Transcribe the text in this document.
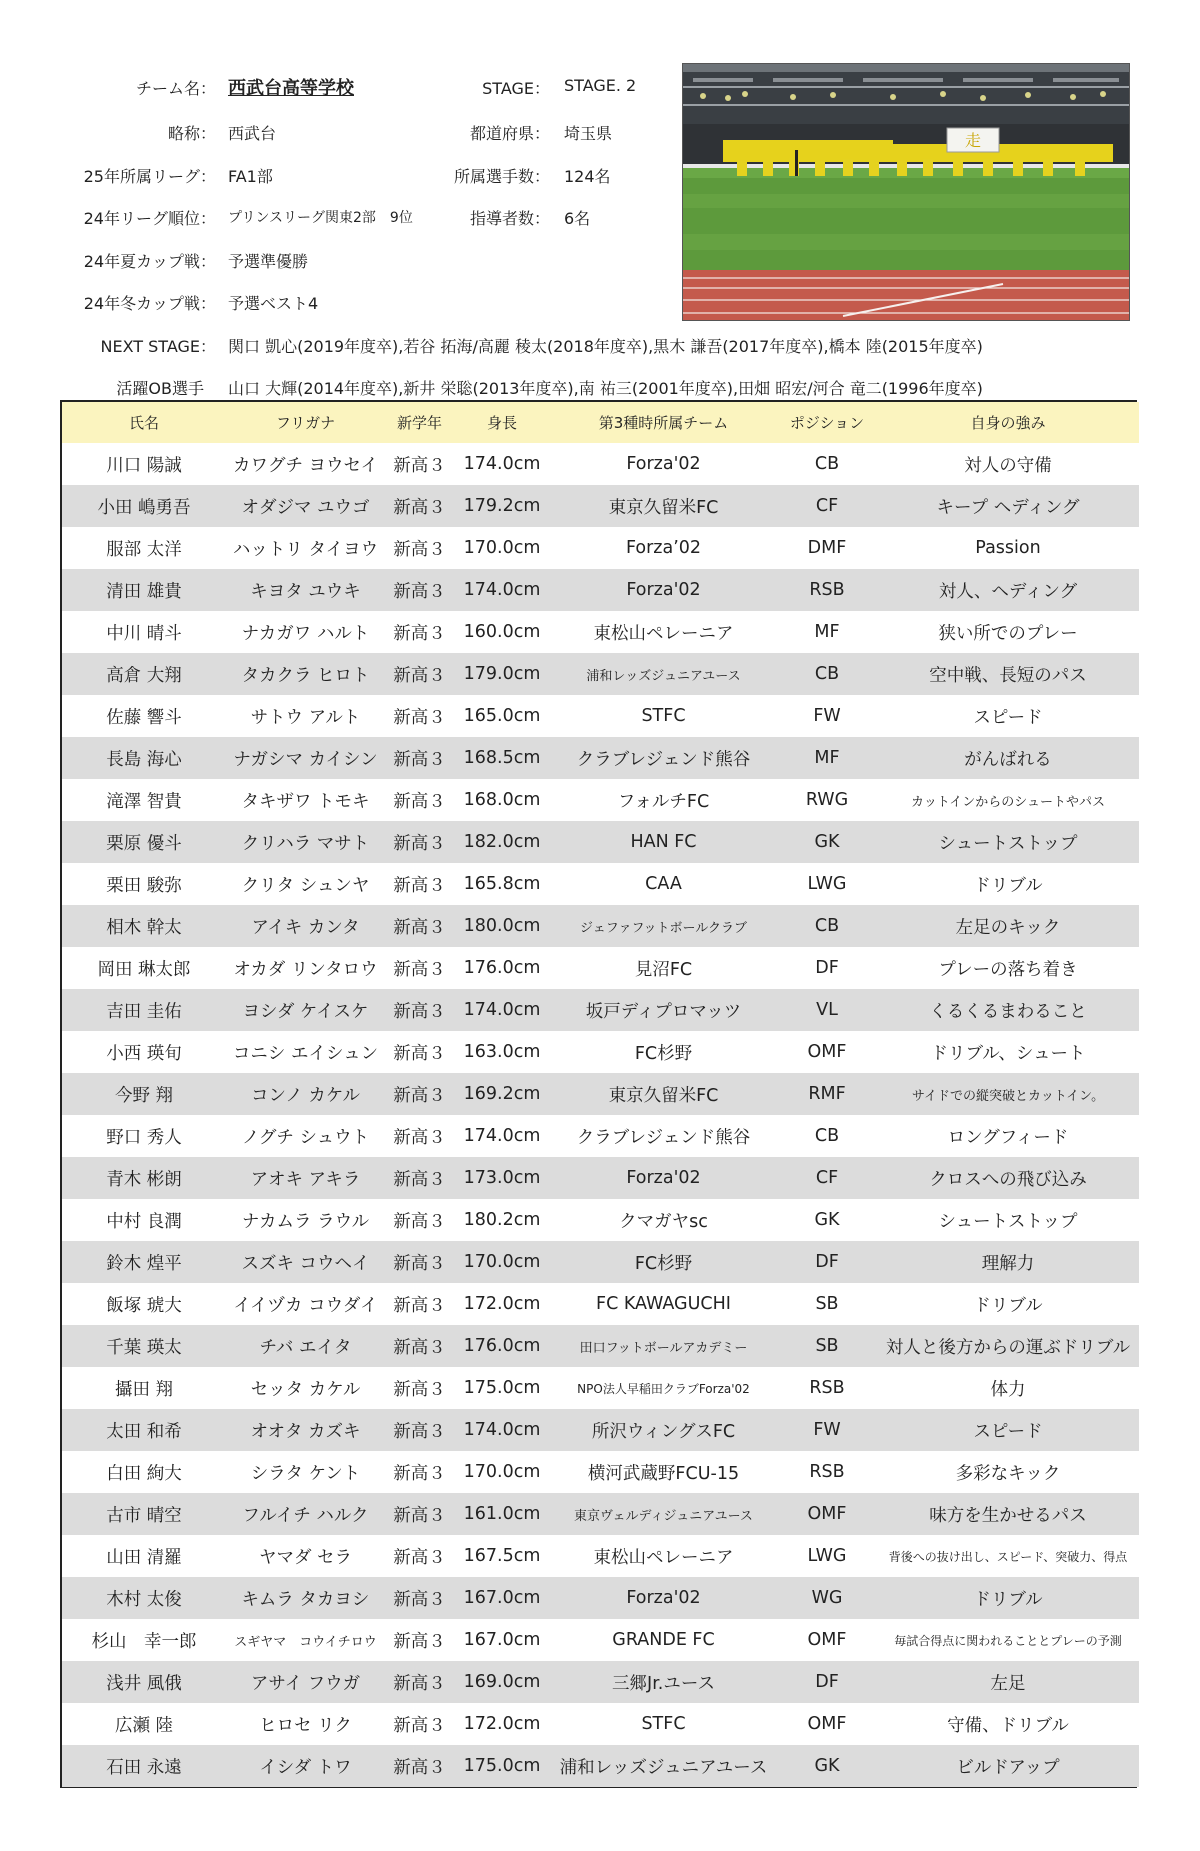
チーム名： 西武台高等学校	STAGE： STAGE. 2
略称： 西武台	都道府県： 埼玉県
25年所属リーグ： FA1部	所属選手数： 124名
24年リーグ順位： プリンスリーグ関東2部　9位	指導者数： 6名
24年夏カップ戦： 予選準優勝
24年冬カップ戦： 予選ベスト4
NEXT STAGE： 関口 凱心(2019年度卒),若谷 拓海/高麗 稜太(2018年度卒),黒木 謙吾(2017年度卒),橋本 陸(2015年度卒)
活躍OB選手 山口 大輝(2014年度卒),新井 栄聡(2013年度卒),南 祐三(2001年度卒),田畑 昭宏/河合 竜二(1996年度卒)
走
氏名	フリガナ	新学年	身長	第3種時所属チーム	ポジション	自身の強み
川口 陽誠	カワグチ ヨウセイ	新高３	174.0cm	Forza'02	CB	対人の守備
小田 嶋勇吾	オダジマ ユウゴ	新高３	179.2cm	東京久留米FC	CF	キープ ヘディング
服部 太洋	ハットリ タイヨウ	新高３	170.0cm	Forza’02	DMF	Passion
清田 雄貴	キヨタ ユウキ	新高３	174.0cm	Forza'02	RSB	対人、ヘディング
中川 晴斗	ナカガワ ハルト	新高３	160.0cm	東松山ペレーニア	MF	狭い所でのプレー
高倉 大翔	タカクラ ヒロト	新高３	179.0cm	浦和レッズジュニアユース	CB	空中戦、長短のパス
佐藤 響斗	サトウ アルト	新高３	165.0cm	STFC	FW	スピード
長島 海心	ナガシマ カイシン	新高３	168.5cm	クラブレジェンド熊谷	MF	がんばれる
滝澤 智貴	タキザワ トモキ	新高３	168.0cm	フォルチFC	RWG	カットインからのシュートやパス
栗原 優斗	クリハラ マサト	新高３	182.0cm	HAN FC	GK	シュートストップ
栗田 駿弥	クリタ シュンヤ	新高３	165.8cm	CAA	LWG	ドリブル
相木 幹太	アイキ カンタ	新高３	180.0cm	ジェファフットボールクラブ	CB	左足のキック
岡田 琳太郎	オカダ リンタロウ	新高３	176.0cm	見沼FC	DF	プレーの落ち着き
吉田 圭佑	ヨシダ ケイスケ	新高３	174.0cm	坂戸ディプロマッツ	VL	くるくるまわること
小西 瑛旬	コニシ エイシュン	新高３	163.0cm	FC杉野	OMF	ドリブル、シュート
今野 翔	コンノ カケル	新高３	169.2cm	東京久留米FC	RMF	サイドでの縦突破とカットイン。
野口 秀人	ノグチ シュウト	新高３	174.0cm	クラブレジェンド熊谷	CB	ロングフィード
青木 彬朗	アオキ アキラ	新高３	173.0cm	Forza'02	CF	クロスへの飛び込み
中村 良潤	ナカムラ ラウル	新高３	180.2cm	クマガヤsc	GK	シュートストップ
鈴木 煌平	スズキ コウヘイ	新高３	170.0cm	FC杉野	DF	理解力
飯塚 琥大	イイヅカ コウダイ	新高３	172.0cm	FC KAWAGUCHI	SB	ドリブル
千葉 瑛太	チバ エイタ	新高３	176.0cm	田口フットボールアカデミー	SB	対人と後方からの運ぶドリブル
攝田 翔	セッタ カケル	新高３	175.0cm	NPO法人早稲田クラブForza'02	RSB	体力
太田 和希	オオタ カズキ	新高３	174.0cm	所沢ウィングスFC	FW	スピード
白田 絢大	シラタ ケント	新高３	170.0cm	横河武蔵野FCU-15	RSB	多彩なキック
古市 晴空	フルイチ ハルク	新高３	161.0cm	東京ヴェルディジュニアユース	OMF	味方を生かせるパス
山田 清羅	ヤマダ セラ	新高３	167.5cm	東松山ペレーニア	LWG	背後への抜け出し、スピード、突破力、得点
木村 太俊	キムラ タカヨシ	新高３	167.0cm	Forza'02	WG	ドリブル
杉山　幸一郎	スギヤマ　コウイチロウ	新高３	167.0cm	GRANDE FC	OMF	毎試合得点に関われることとプレーの予測
浅井 風俄	アサイ フウガ	新高３	169.0cm	三郷Jr.ユース	DF	左足
広瀬 陸	ヒロセ リク	新高３	172.0cm	STFC	OMF	守備、ドリブル
石田 永遠	イシダ トワ	新高３	175.0cm	浦和レッズジュニアユース	GK	ビルドアップ
